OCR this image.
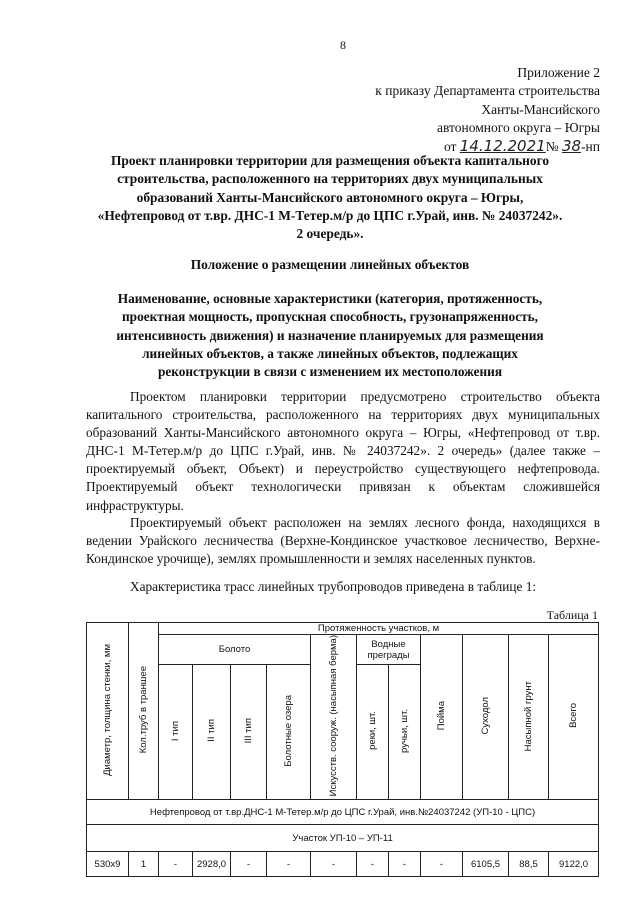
8
Приложение 2
к приказу Департамента строительства
Ханты-Мансийского
автономного округа – Югры
от 14.12.2021№ 38-нп
Проект планировки территории для размещения объекта капитального
строительства, расположенного на территориях двух муниципальных
образований Ханты-Мансийского автономного округа – Югры,
«Нефтепровод от т.вр. ДНС-1 М-Тетер.м/р до ЦПС г.Урай, инв. № 24037242».
2 очередь».
Положение о размещении линейных объектов
Наименование, основные характеристики (категория, протяженность,
проектная мощность, пропускная способность, грузонапряженность,
интенсивность движения) и назначение планируемых для размещения
линейных объектов, а также линейных объектов, подлежащих
реконструкции в связи с изменением их местоположения

Проектом планировки территории предусмотрено строительство объекта капитального строительства, расположенного на территориях двух муниципальных образований Ханты-Мансийского автономного округа – Югры, «Нефтепровод от т.вр. ДНС-1 М-Тетер.м/р до ЦПС г.Урай, инв. № 24037242». 2 очередь» (далее также – проектируемый объект, Объект) и переустройство существующего нефтепровода. Проектируемый объект технологически привязан к объектам сложившейся инфраструктуры.

Проектируемый объект расположен на землях лесного фонда, находящихся в ведении Урайского лесничества (Верхне-Кондинское участковое лесничество, Верхне-Кондинское урочище), землях промышленности и землях населенных пунктов.

Характеристика трасс линейных трубопроводов приведена в таблице 1:

Таблица 1
Диаметр, толщина стенки, мм	Кол.труб в траншее	Протяженность участков, м										
		Болото				Искусств. сооруж. (насыпная берма)	Водные преграды		Пойма	Суходол	Насыпной грунт	Всего
		I тип	II тип	III тип	Болотные озера		реки, шт.	ручьи, шт.				
Нефтепровод от т.вр.ДНС-1 М-Тетер.м/р до ЦПС г.Урай, инв.№24037242 (УП-10 - ЦПС)												
Участок УП-10 – УП-11												
530х9	1	-	2928,0	-	-	-	-	-	-	6105,5	88,5	9122,0
